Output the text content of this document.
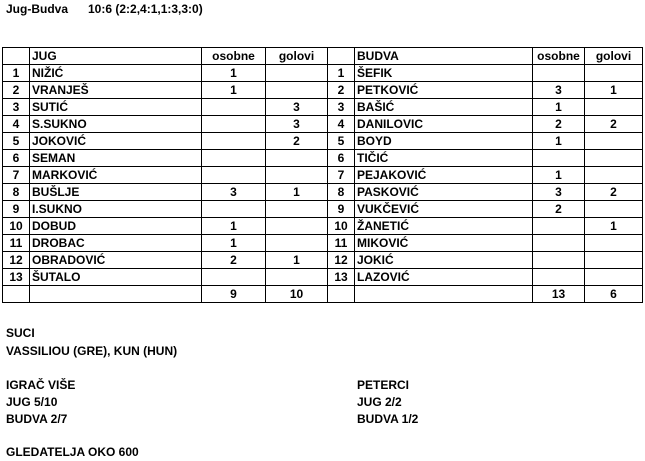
Jug-Budva 10:6 (2:2,4:1,1:3,3:0)
	JUG	osobne	golovi		BUDVA	osobne	golovi
1	NIŽIĆ	1		1	ŠEFIK		
2	VRANJEŠ	1		2	PETKOVIĆ	3	1
3	SUTIĆ		3	3	BAŠIĆ	1	
4	S.SUKNO		3	4	DANILOVIC	2	2
5	JOKOVIĆ		2	5	BOYD	1	
6	SEMAN			6	TIČIĆ		
7	MARKOVIĆ			7	PEJAKOVIĆ	1	
8	BUŠLJE	3	1	8	PASKOVIĆ	3	2
9	I.SUKNO			9	VUKČEVIĆ	2	
10	DOBUD	1		10	ŽANETIĆ		1
11	DROBAC	1		11	MIKOVIĆ		
12	OBRADOVIĆ	2	1	12	JOKIĆ		
13	ŠUTALO			13	LAZOVIĆ		
		9	10			13	6
SUCI
VASSILIOU (GRE), KUN (HUN)
IGRAČ VIŠE
JUG 5/10
BUDVA 2/7
PETERCI
JUG 2/2
BUDVA 1/2
GLEDATELJA OKO 600
